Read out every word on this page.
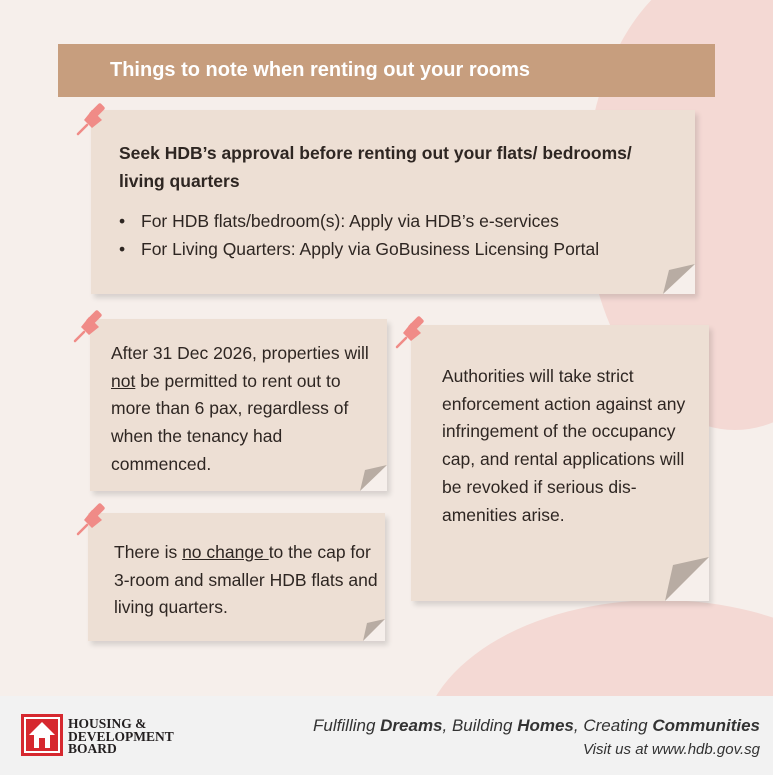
Things to note when renting out your rooms
Seek HDB’s approval before renting out your flats/ bedrooms/ living quarters
• For HDB flats/bedroom(s): Apply via HDB’s e-services
• For Living Quarters: Apply via GoBusiness Licensing Portal
After 31 Dec 2026, properties will not be permitted to rent out to more than 6 pax, regardless of when the tenancy had commenced.
There is no change to the cap for 3-room and smaller HDB flats and living quarters.
Authorities will take strict enforcement action against any infringement of the occupancy cap, and rental applications will be revoked if serious dis-amenities arise.
HOUSING &
DEVELOPMENT
BOARD
Fulfilling Dreams, Building Homes, Creating Communities
Visit us at www.hdb.gov.sg
